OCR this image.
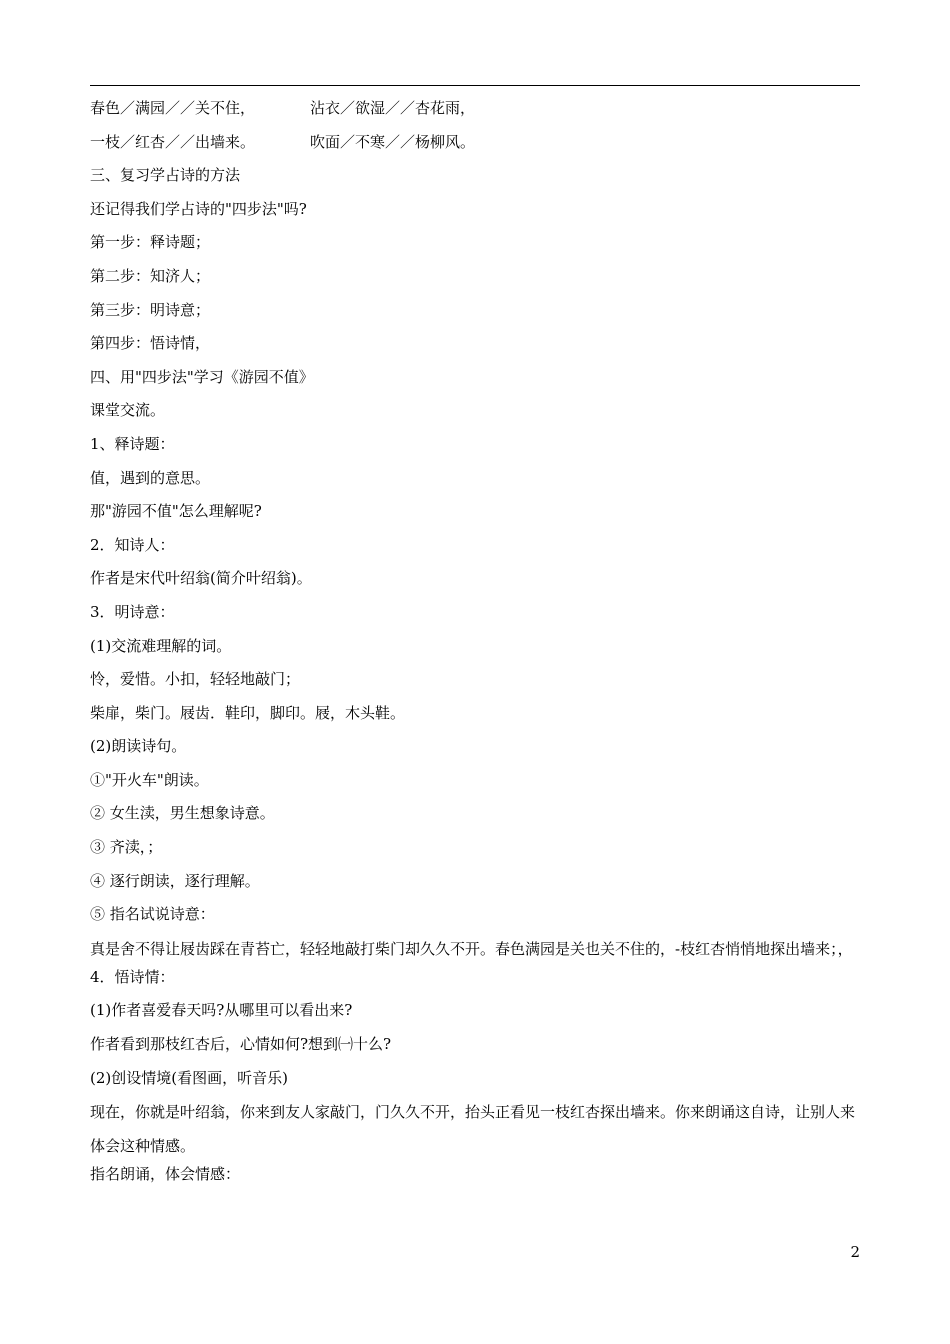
春色／满园／／关不住，	沾衣／欲湿／／杏花雨，
一枝／红杏／／出墙来。	吹面／不寒／／杨柳风。
三、复习学占诗的方法
还记得我们学占诗的"四步法"吗?
第一步：释诗题；
第二步：知济人；
第三步：明诗意；
第四步：悟诗情，
四、用"四步法"学习《游园不值》
课堂交流。
1、释诗题：
值，遇到的意思。
那"游园不值"怎么理解呢?
2．知诗人：
作者是宋代叶绍翁(简介叶绍翁)。
3．明诗意：
(1)交流难理解的词。
怜，爱惜。小扣，轻轻地敲门；
柴扉，柴门。屐齿．鞋印，脚印。屐，木头鞋。
(2)朗读诗句。
①"开火车"朗读。
② 女生渎，男生想象诗意。
③ 齐渎，；
④ 逐行朗读，逐行理解。
⑤ 指名试说诗意：
真是舍不得让屐齿踩在青苔亡，轻轻地敲打柴门却久久不开。春色满园是关也关不住的，-枝红杏悄悄地探出墙来；，
4．悟诗情：
(1)作者喜爱春天吗?从哪里可以看出来?
作者看到那枝红杏后，心情如何?想到㈠十么?
(2)创设情境(看图画，听音乐)
现在，你就是叶绍翁，你来到友人家敲门，门久久不开，抬头正看见一枝红杏探出墙来。你来朗诵这自诗，让别人来体会这种情感。
指名朗诵，体会情感：
2
